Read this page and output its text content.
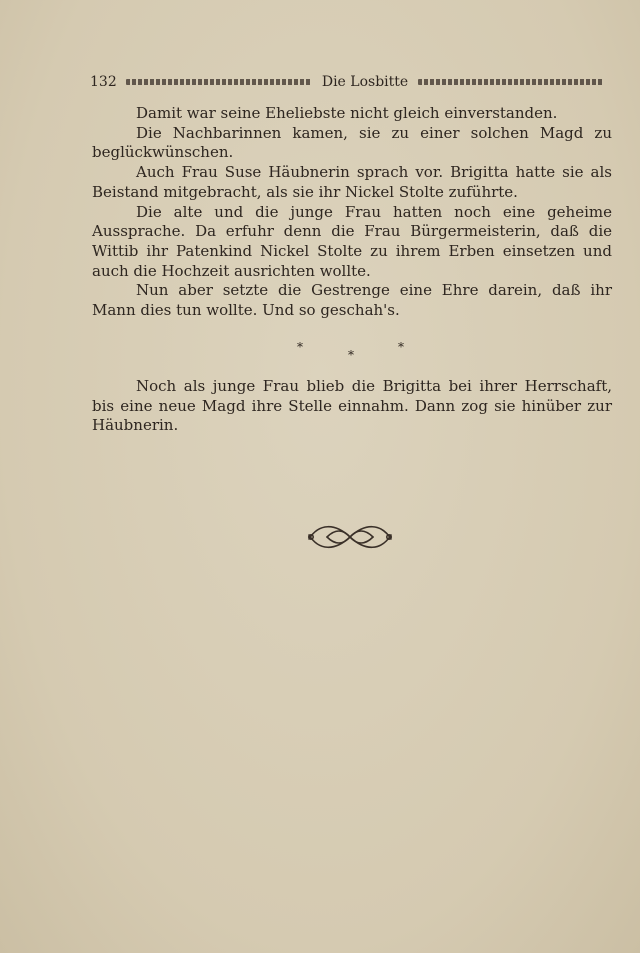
132	Die Losbitte

Damit war seine Eheliebste nicht gleich einverstanden.

Die Nachbarinnen kamen, sie zu einer solchen Magd zu beglückwünschen.

Auch Frau Suse Häubnerin sprach vor. Brigitta hatte sie als Beistand mitgebracht, als sie ihr Nickel Stolte zuführte.

Die alte und die junge Frau hatten noch eine geheime Aussprache. Da erfuhr denn die Frau Bürgermeisterin, daß die Wittib ihr Patenkind Nickel Stolte zu ihrem Erben einsetzen und auch die Hochzeit ausrichten wollte.

Nun aber setzte die Gestrenge eine Ehre darein, daß ihr Mann dies tun wollte. Und so geschah's.

*
*
*

Noch als junge Frau blieb die Brigitta bei ihrer Herrschaft, bis eine neue Magd ihre Stelle einnahm. Dann zog sie hinüber zur Häubnerin.
